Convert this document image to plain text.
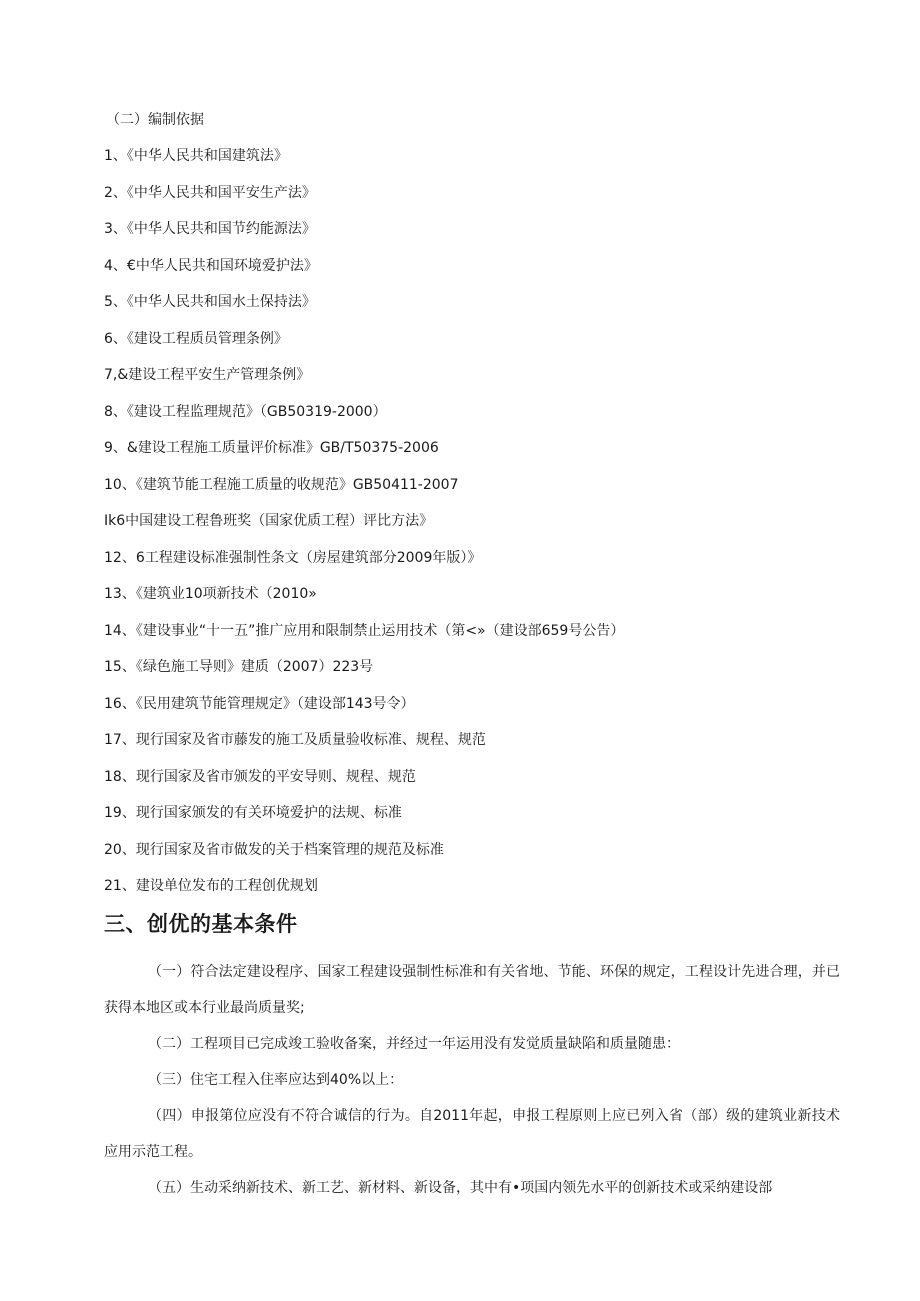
（二）编制依据
1、《中华人民共和国建筑法》
2、《中华人民共和国平安生产法》
3、《中华人民共和国节约能源法》
4、€中华人民共和国环境爱护法》
5、《中华人民共和国水土保持法》
6、《建设工程质员管理条例》
7,&建设工程平安生产管理条例》
8、《建设工程监理规范》（GB50319-2000）
9、&建设工程施工质量评价标准》GB/T50375-2006
10、《建筑节能工程施工质量的收规范》GB50411-2007
Ik6中国建设工程鲁班奖（国家优质工程）评比方法》
12、6工程建设标准强制性条文（房屋建筑部分2009年版）》
13、《建筑业10项新技术（2010»
14、《建设事业“十一五”推广应用和限制禁止运用技术（第<»（建设部659号公告）
15、《绿色施工导则》建质（2007）223号
16、《民用建筑节能管理规定》（建设部143号令）
17、现行国家及省市藤发的施工及质量验收标准、规程、规范
18、现行国家及省市颁发的平安导则、规程、规范
19、现行国家颁发的有关环境爱护的法规、标准
20、现行国家及省市做发的关于档案管理的规范及标准
21、建设单位发布的工程创优规划
三、创优的基本条件

（一）符合法定建设程序、国家工程建设强制性标准和有关省地、节能、环保的规定，工程设计先进合理，并已获得本地区或本行业最尚质量奖;

（二）工程项目已完成竣工验收备案，并经过一年运用没有发觉质量缺陷和质量随患：

（三）住宅工程入住率应达到40%以上：

（四）申报第位应没有不符合诚信的行为。自2011年起，申报工程原则上应已列入省（部）级的建筑业新技术应用示范工程。

（五）生动采纳新技术、新工艺、新材料、新设备，其中有•项国内领先水平的创新技术或采纳建设部
